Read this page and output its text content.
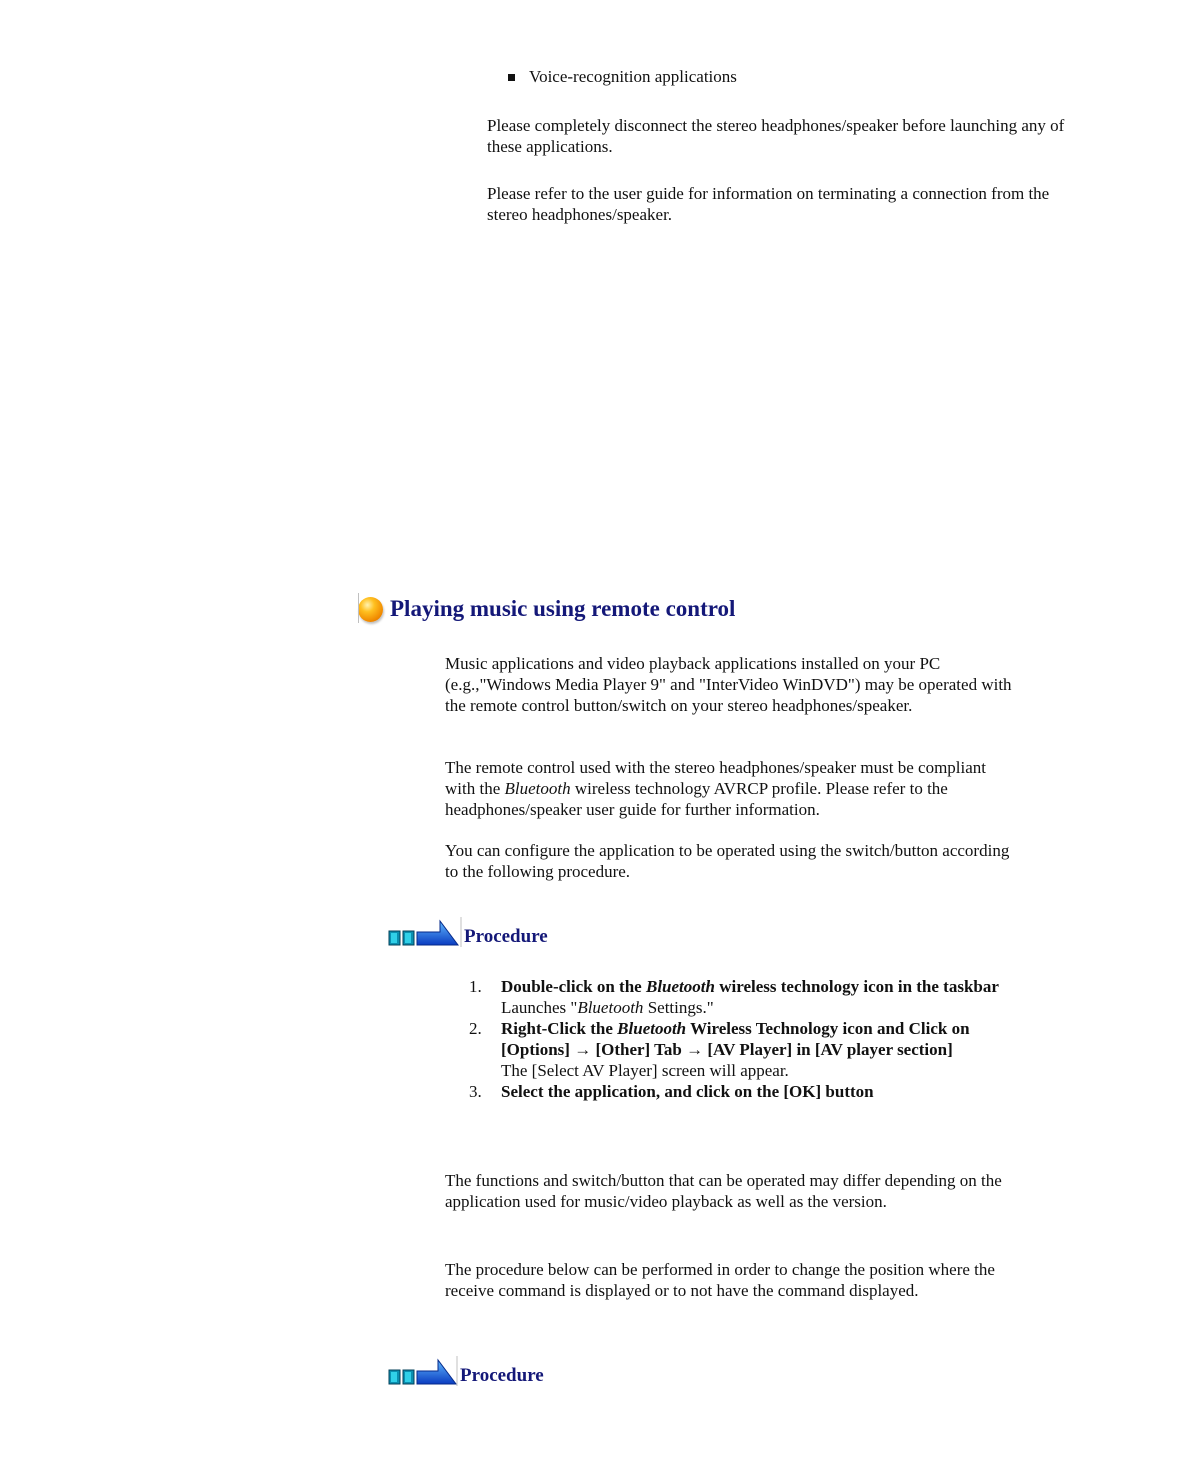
Voice-recognition applications
Please completely disconnect the stereo headphones/speaker before launching any of these applications.
Please refer to the user guide for information on terminating a connection from the stereo headphones/speaker.
Playing music using remote control
Music applications and video playback applications installed on your PC (e.g.,"Windows Media Player 9" and "InterVideo WinDVD") may be operated with the remote control button/switch on your stereo headphones/speaker.
The remote control used with the stereo headphones/speaker must be compliant with the Bluetooth wireless technology AVRCP profile. Please refer to the headphones/speaker user guide for further information.
You can configure the application to be operated using the switch/button according to the following procedure.
Procedure
1. Double-click on the Bluetooth wireless technology icon in the taskbar
Launches "Bluetooth Settings."
2. Right-Click the Bluetooth Wireless Technology icon and Click on [Options] → [Other] Tab → [AV Player] in [AV player section]
The [Select AV Player] screen will appear.
3. Select the application, and click on the [OK] button
The functions and switch/button that can be operated may differ depending on the application used for music/video playback as well as the version.
The procedure below can be performed in order to change the position where the receive command is displayed or to not have the command displayed.
Procedure
